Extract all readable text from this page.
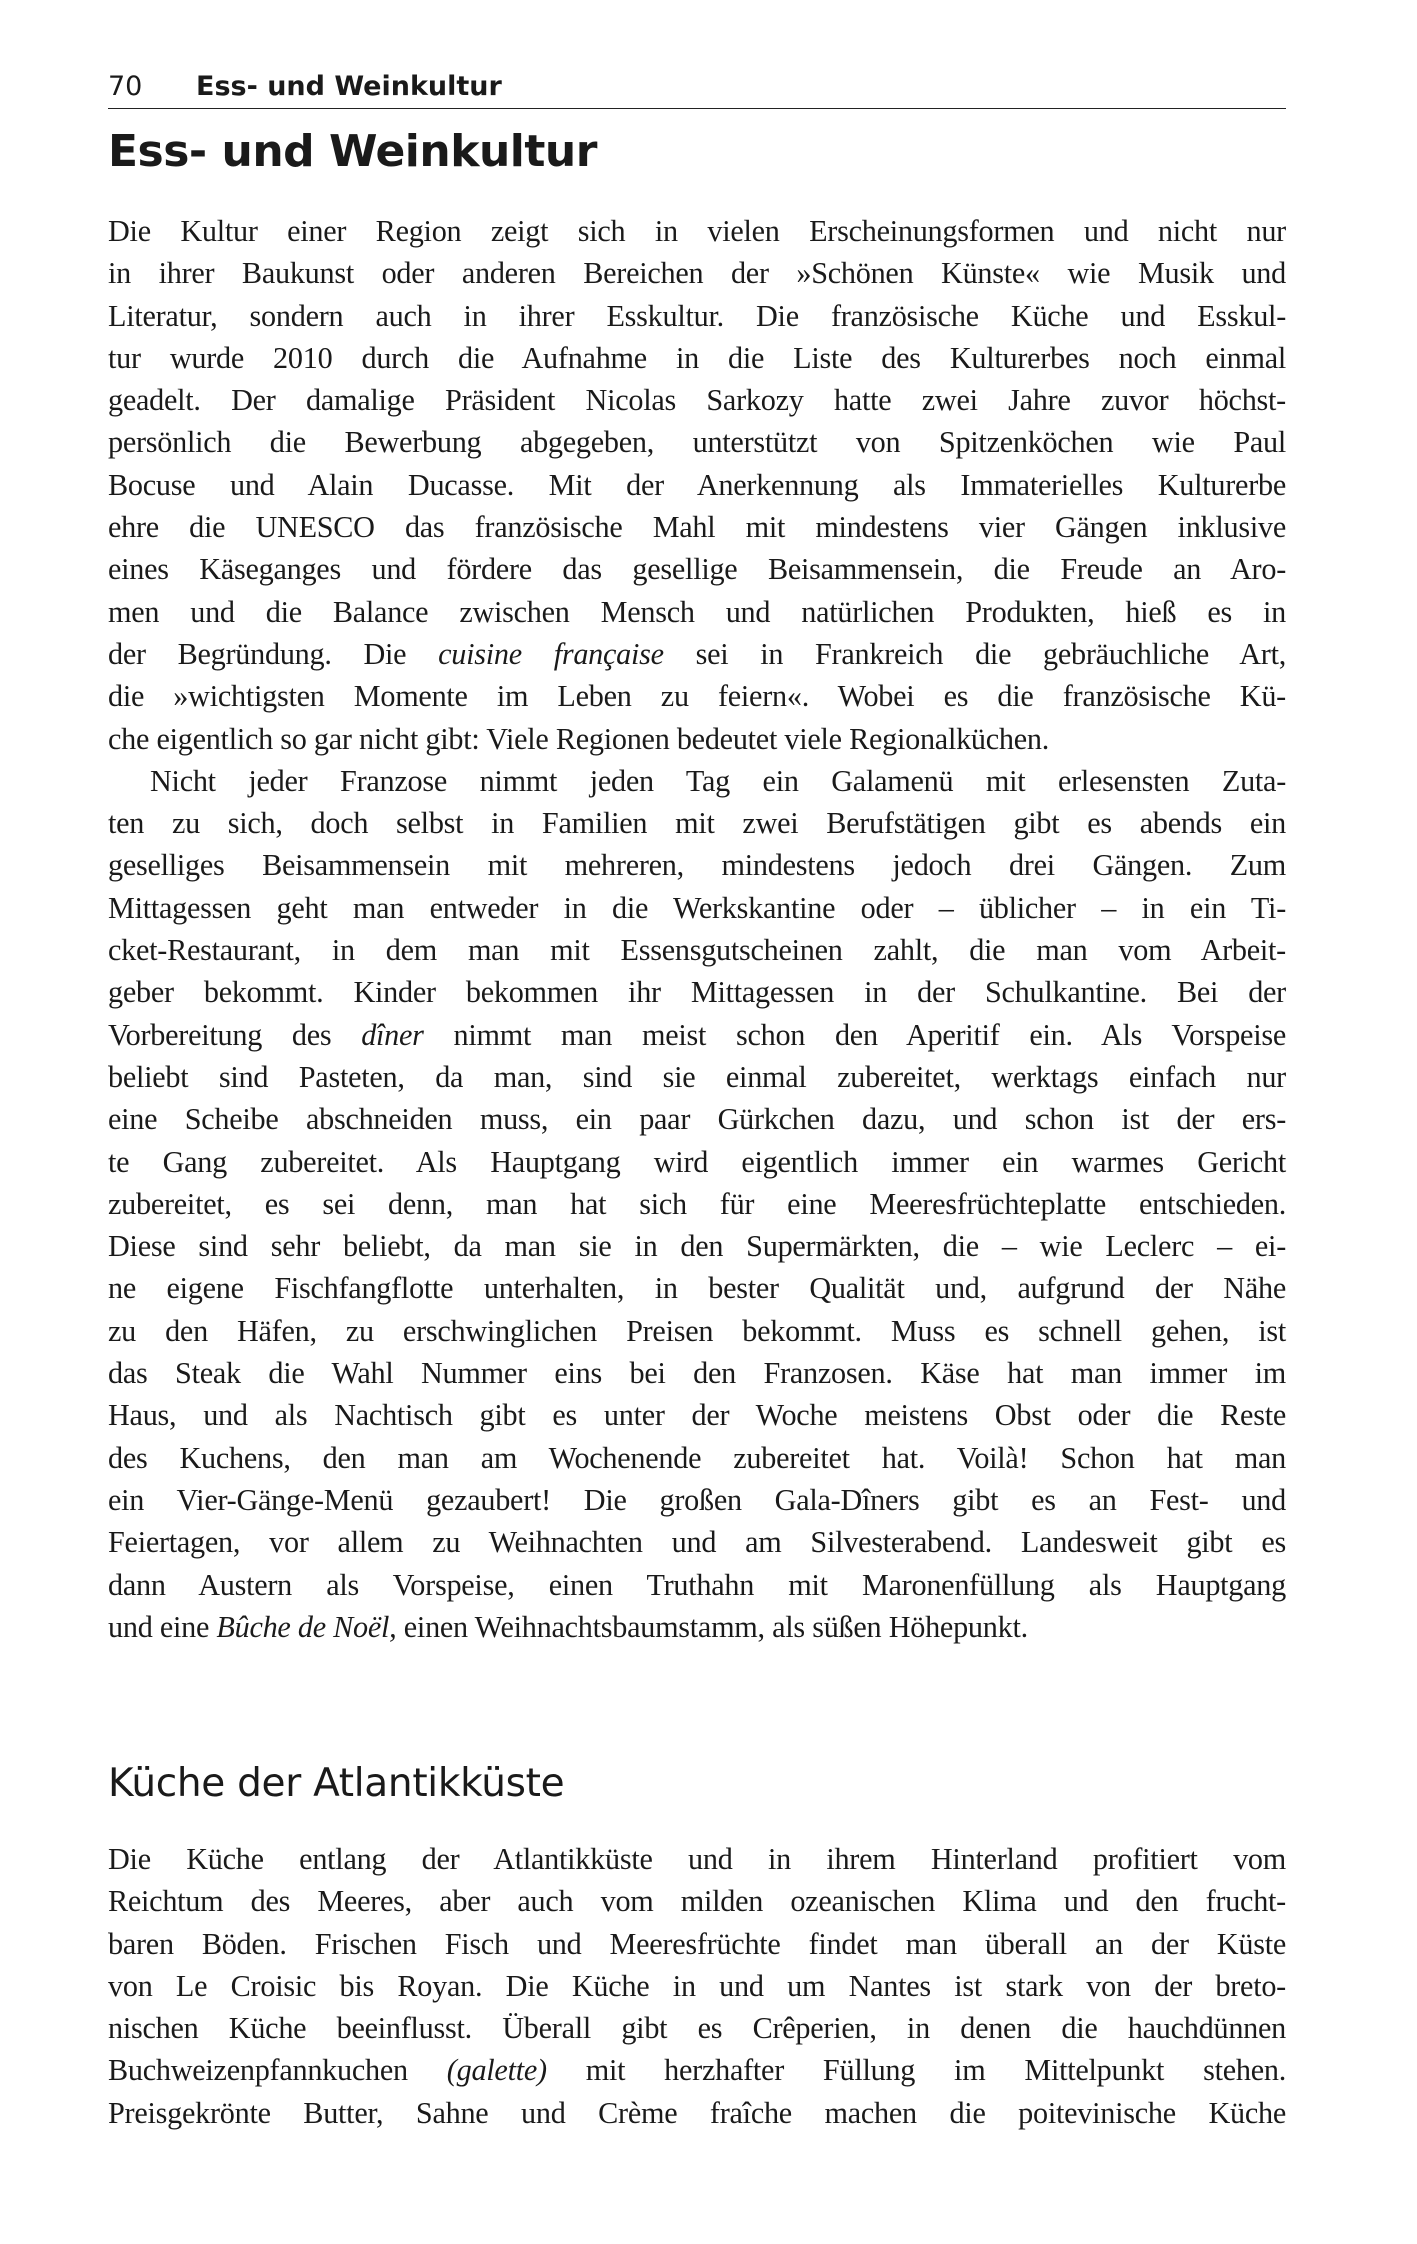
70 Ess- und Weinkultur
Ess- und Weinkultur
Die Kultur einer Region zeigt sich in vielen Erscheinungsformen und nicht nur
in ihrer Baukunst oder anderen Bereichen der »Schönen Künste« wie Musik und
Literatur, sondern auch in ihrer Esskultur. Die französische Küche und Esskul-
tur wurde 2010 durch die Aufnahme in die Liste des Kulturerbes noch einmal
geadelt. Der damalige Präsident Nicolas Sarkozy hatte zwei Jahre zuvor höchst-
persönlich die Bewerbung abgegeben, unterstützt von Spitzenköchen wie Paul
Bocuse und Alain Ducasse. Mit der Anerkennung als Immaterielles Kulturerbe
ehre die UNESCO das französische Mahl mit mindestens vier Gängen inklusive
eines Käseganges und fördere das gesellige Beisammensein, die Freude an Aro-
men und die Balance zwischen Mensch und natürlichen Produkten, hieß es in
der Begründung. Die cuisine française sei in Frankreich die gebräuchliche Art,
die »wichtigsten Momente im Leben zu feiern«. Wobei es die französische Kü-
che eigentlich so gar nicht gibt: Viele Regionen bedeutet viele Regionalküchen.
Nicht jeder Franzose nimmt jeden Tag ein Galamenü mit erlesensten Zuta-
ten zu sich, doch selbst in Familien mit zwei Berufstätigen gibt es abends ein
geselliges Beisammensein mit mehreren, mindestens jedoch drei Gängen. Zum
Mittagessen geht man entweder in die Werkskantine oder – üblicher – in ein Ti-
cket-Restaurant, in dem man mit Essensgutscheinen zahlt, die man vom Arbeit-
geber bekommt. Kinder bekommen ihr Mittagessen in der Schulkantine. Bei der
Vorbereitung des dîner nimmt man meist schon den Aperitif ein. Als Vorspeise
beliebt sind Pasteten, da man, sind sie einmal zubereitet, werktags einfach nur
eine Scheibe abschneiden muss, ein paar Gürkchen dazu, und schon ist der ers-
te Gang zubereitet. Als Hauptgang wird eigentlich immer ein warmes Gericht
zubereitet, es sei denn, man hat sich für eine Meeresfrüchteplatte entschieden.
Diese sind sehr beliebt, da man sie in den Supermärkten, die – wie Leclerc – ei-
ne eigene Fischfangflotte unterhalten, in bester Qualität und, aufgrund der Nähe
zu den Häfen, zu erschwinglichen Preisen bekommt. Muss es schnell gehen, ist
das Steak die Wahl Nummer eins bei den Franzosen. Käse hat man immer im
Haus, und als Nachtisch gibt es unter der Woche meistens Obst oder die Reste
des Kuchens, den man am Wochenende zubereitet hat. Voilà! Schon hat man
ein Vier-Gänge-Menü gezaubert! Die großen Gala-Dîners gibt es an Fest- und
Feiertagen, vor allem zu Weihnachten und am Silvesterabend. Landesweit gibt es
dann Austern als Vorspeise, einen Truthahn mit Maronenfüllung als Hauptgang
und eine Bûche de Noël, einen Weihnachtsbaumstamm, als süßen Höhepunkt.
Küche der Atlantikküste
Die Küche entlang der Atlantikküste und in ihrem Hinterland profitiert vom
Reichtum des Meeres, aber auch vom milden ozeanischen Klima und den frucht-
baren Böden. Frischen Fisch und Meeresfrüchte findet man überall an der Küste
von Le Croisic bis Royan. Die Küche in und um Nantes ist stark von der breto-
nischen Küche beeinflusst. Überall gibt es Crêperien, in denen die hauchdünnen
Buchweizenpfannkuchen (galette) mit herzhafter Füllung im Mittelpunkt stehen.
Preisgekrönte Butter, Sahne und Crème fraîche machen die poitevinische Küche
